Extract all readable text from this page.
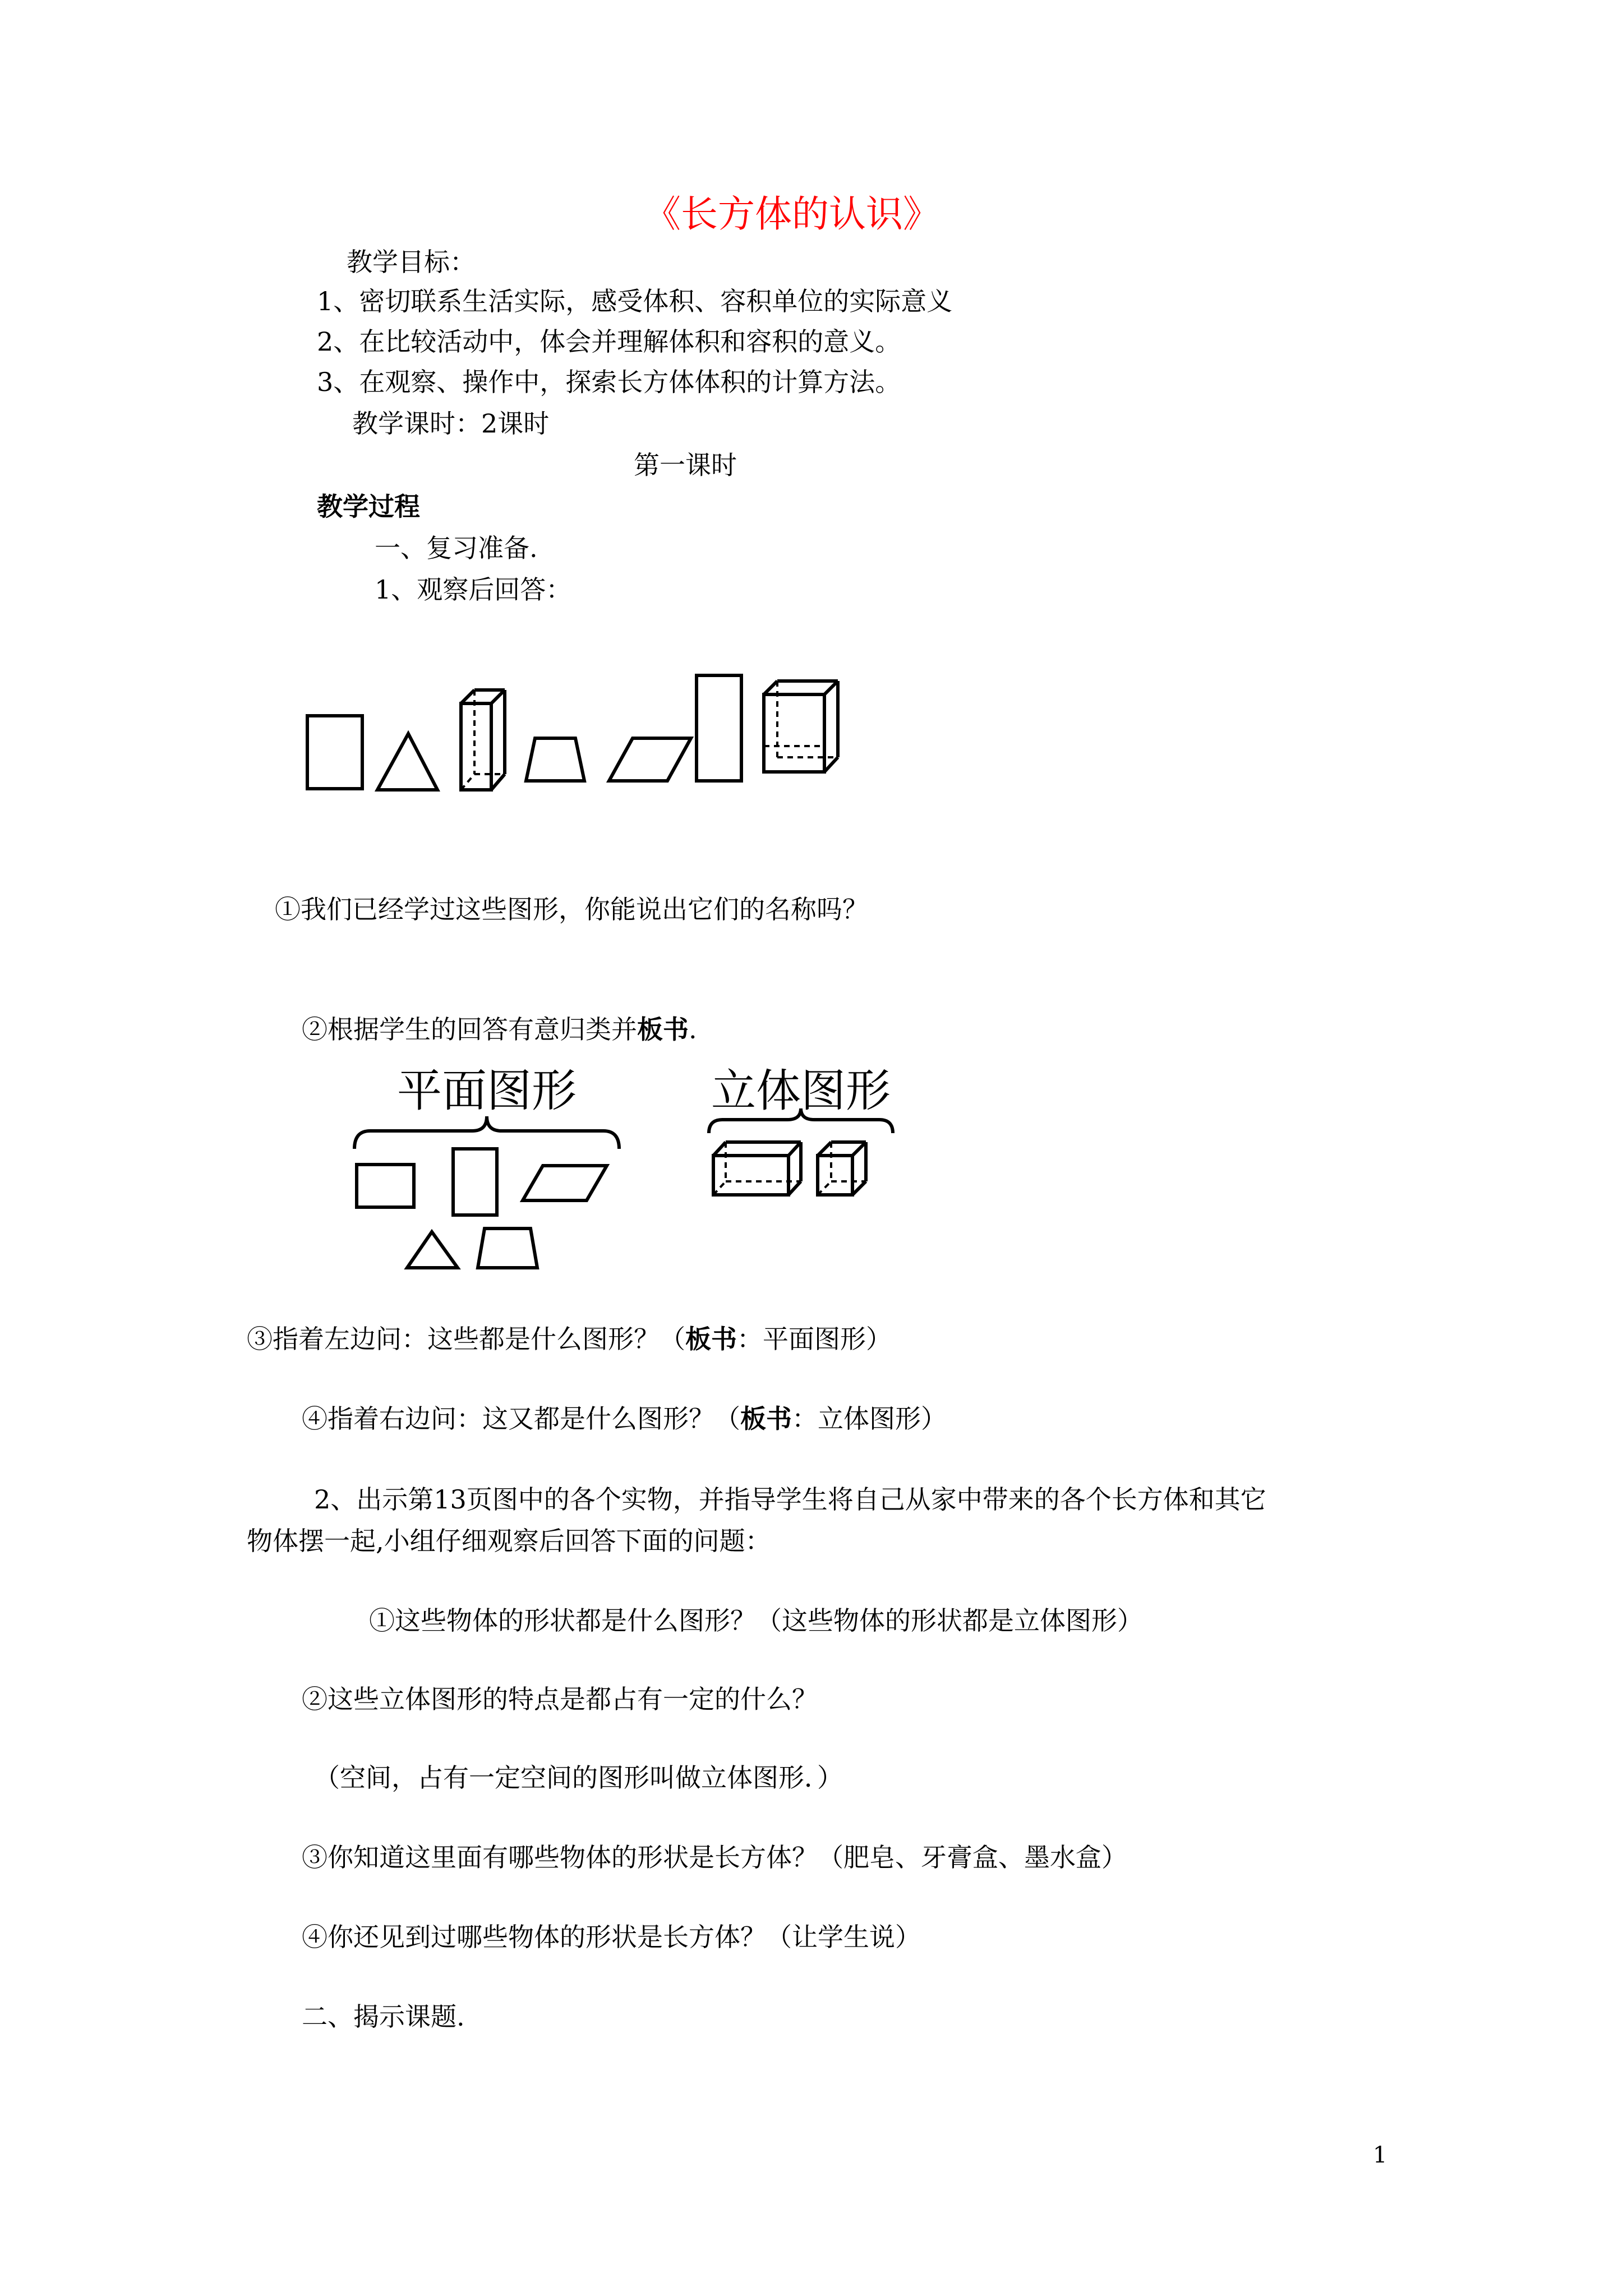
《长方体的认识》
教学目标：
1、密切联系生活实际，感受体积、容积单位的实际意义
2、在比较活动中，体会并理解体积和容积的意义。
3、在观察、操作中，探索长方体体积的计算方法。
教学课时：2课时
第一课时
教学过程
一、复习准备.
1、观察后回答：
①我们已经学过这些图形，你能说出它们的名称吗？
②根据学生的回答有意归类并板书.
平面图形	立体图形
③指着左边问：这些都是什么图形？（板书：平面图形）
④指着右边问：这又都是什么图形？（板书：立体图形）
2、出示第13页图中的各个实物，并指导学生将自己从家中带来的各个长方体和其它
物体摆一起,小组仔细观察后回答下面的问题：
①这些物体的形状都是什么图形？（这些物体的形状都是立体图形）
②这些立体图形的特点是都占有一定的什么？
（空间，占有一定空间的图形叫做立体图形．）
③你知道这里面有哪些物体的形状是长方体？（肥皂、牙膏盒、墨水盒）
④你还见到过哪些物体的形状是长方体？（让学生说）
二、揭示课题.
1
